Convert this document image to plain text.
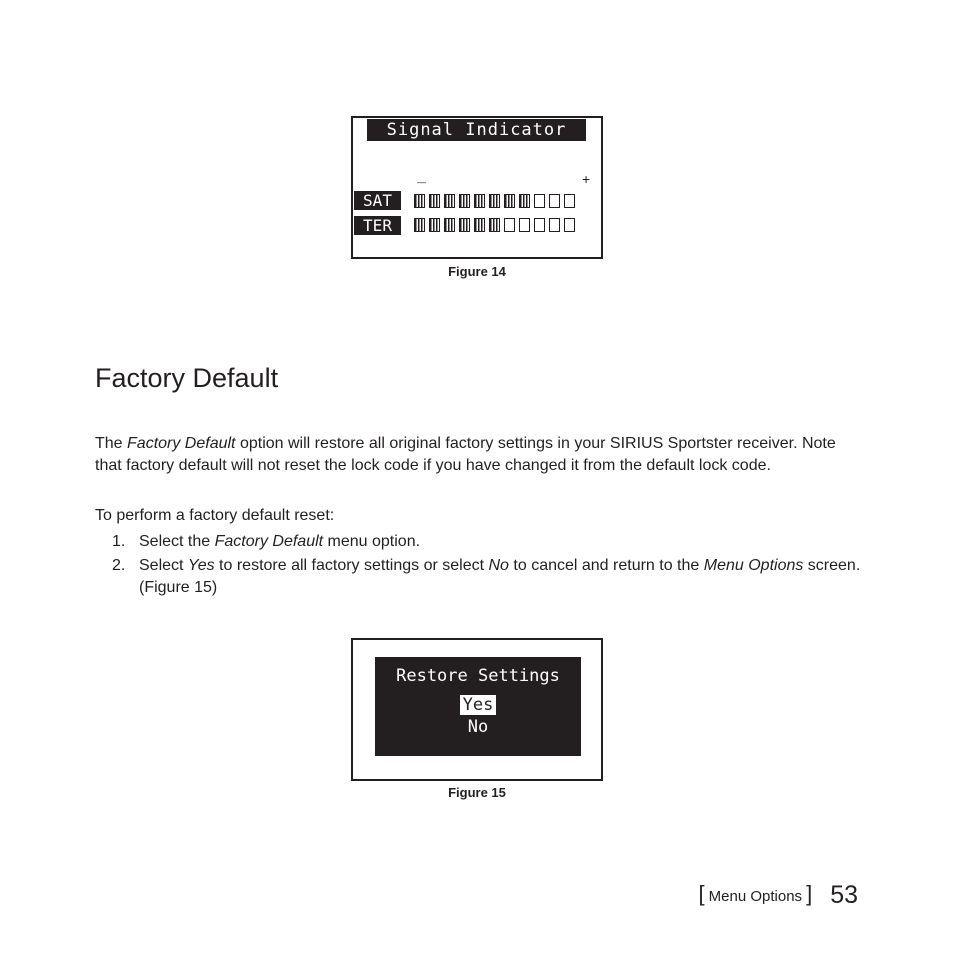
Signal Indicator
—	+
SAT
TER
Figure 14
Factory Default

The Factory Default option will restore all original factory settings in your SIRIUS Sportster receiver. Note that factory default will not reset the lock code if you have changed it from the default lock code.

To perform a factory default reset:

1. Select the Factory Default menu option.
2. Select Yes to restore all factory settings or select No to cancel and return to the Menu Options screen. (Figure 15)
Restore Settings
Yes
No
Figure 15
[ Menu Options ] 53
